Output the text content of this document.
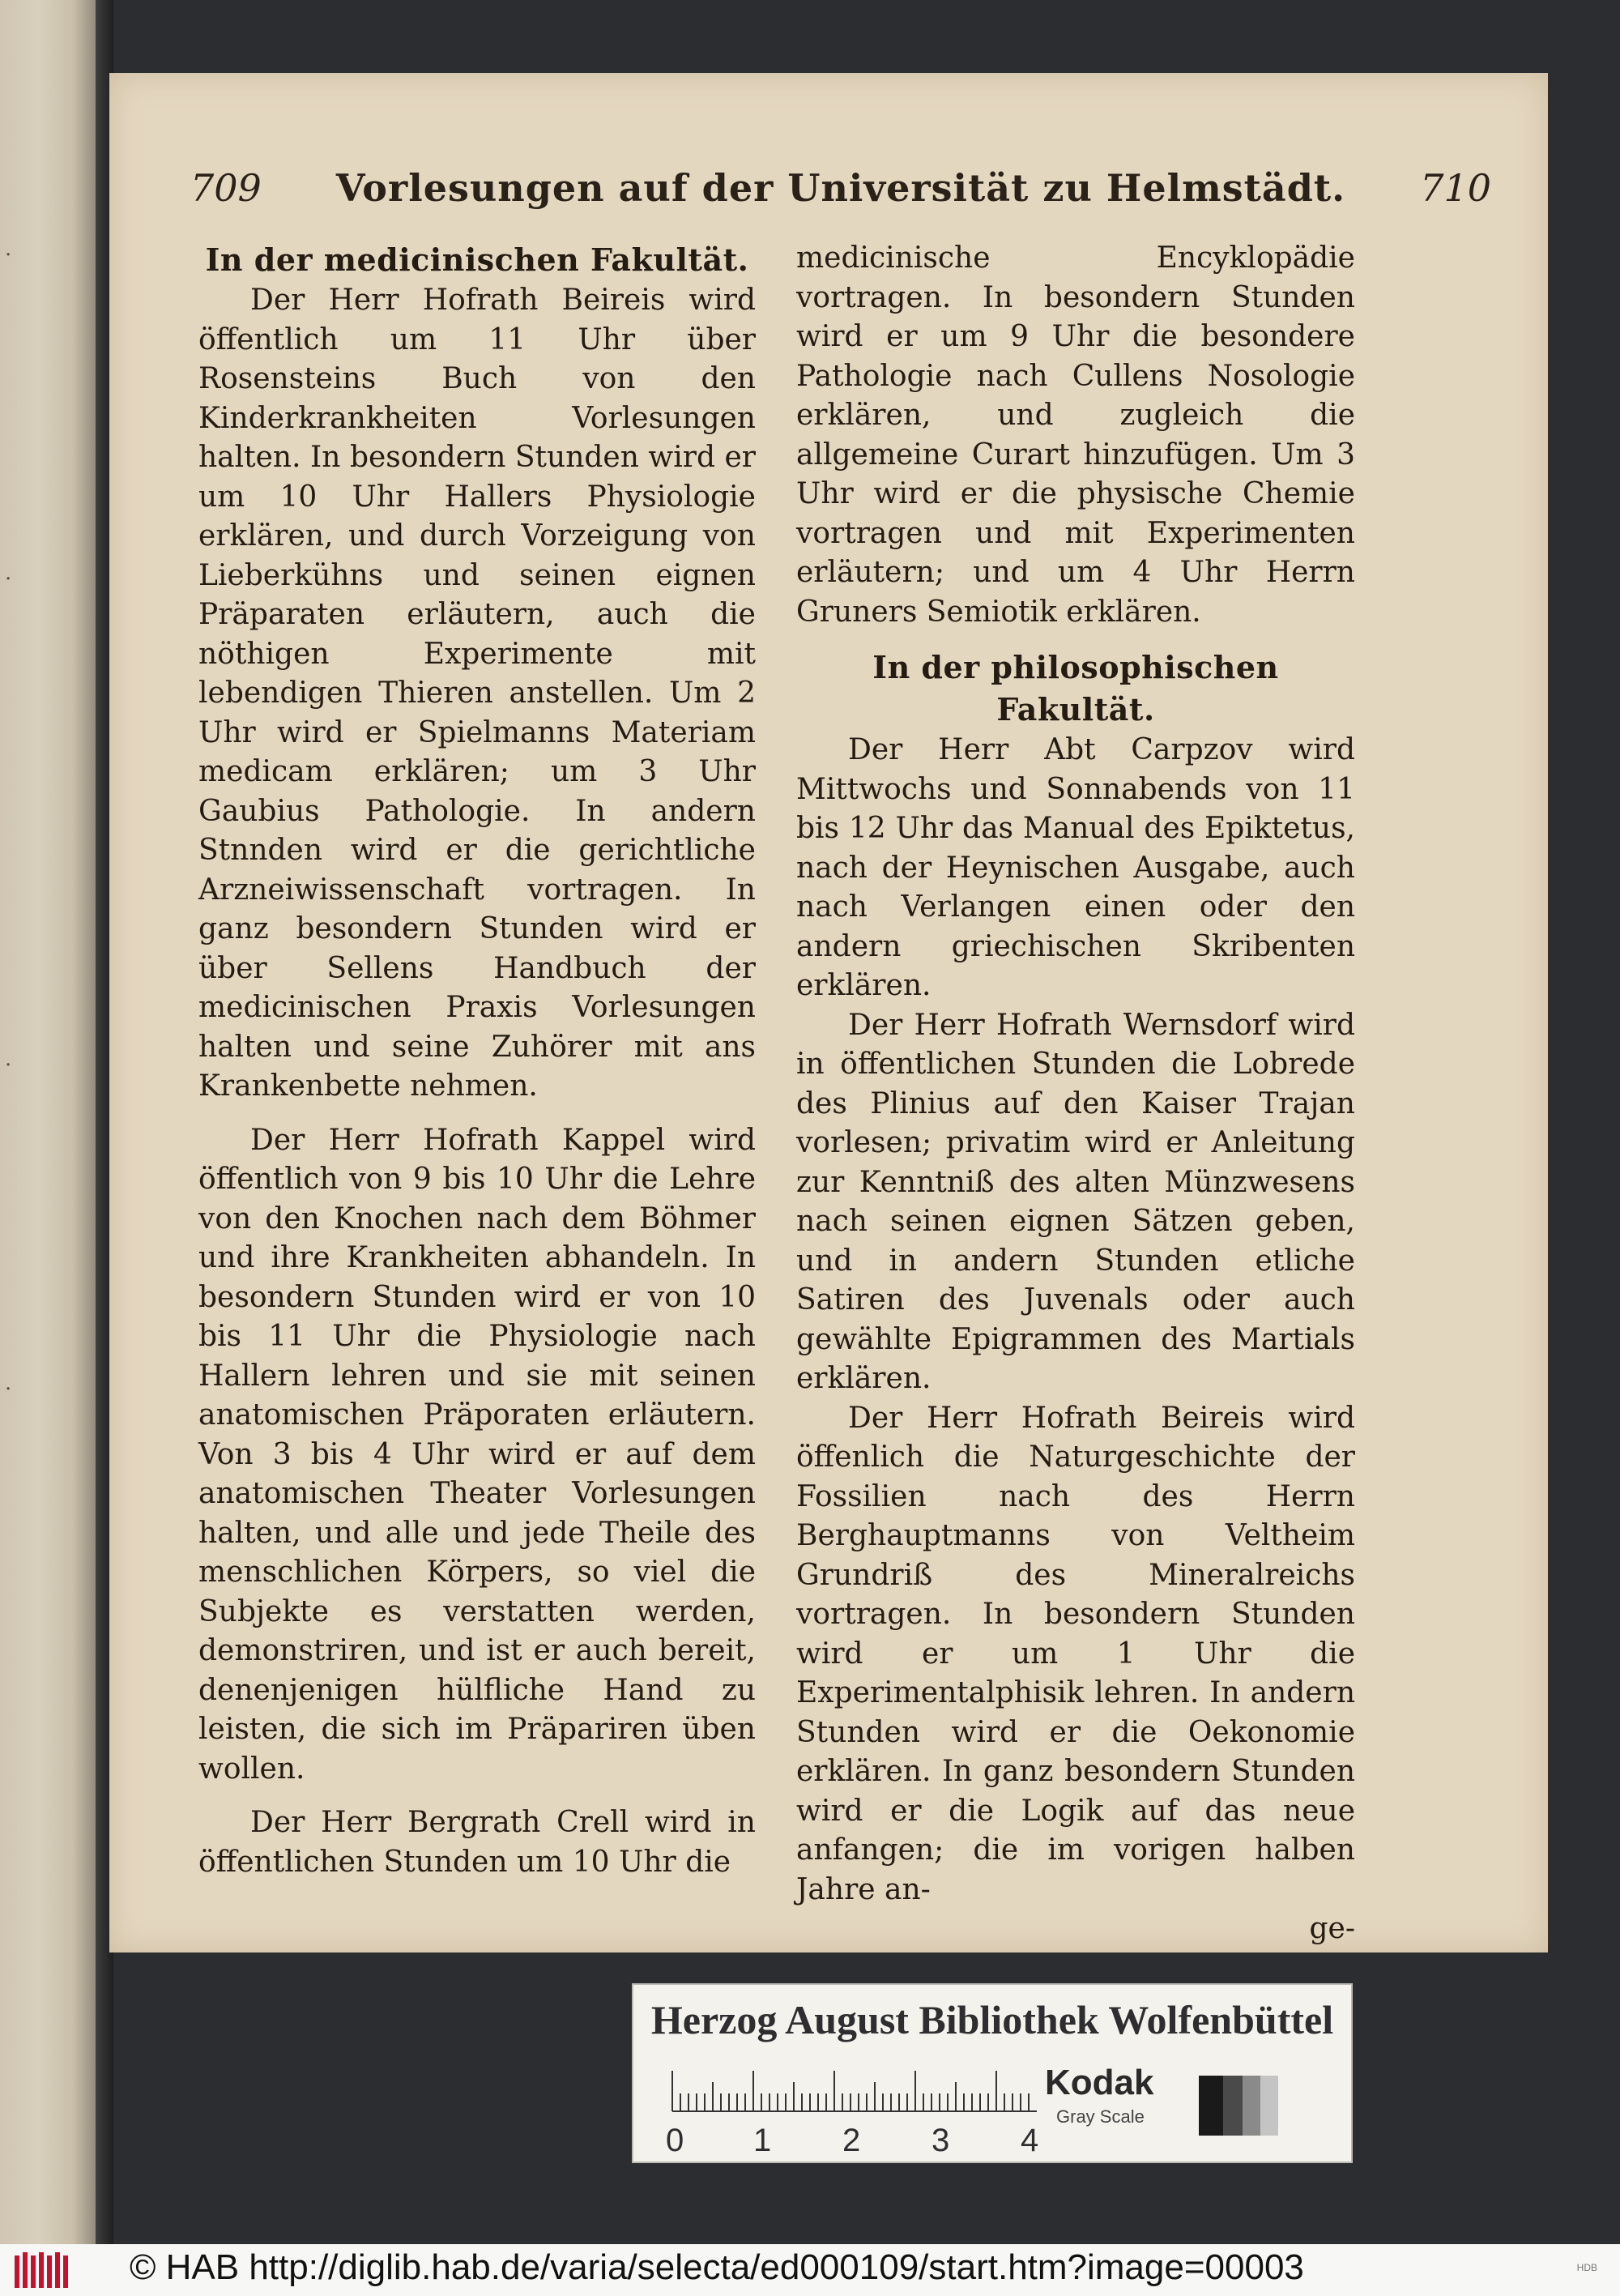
·
·
·
·
709	Vorlesungen auf der Universität zu Helmstädt.	710
In der medicinischen Fakultät.

Der Herr Hofrath Beireis wird öffentlich um 11 Uhr über Rosensteins Buch von den Kinderkrankheiten Vorlesungen halten. In besondern Stunden wird er um 10 Uhr Hallers Physiologie erklären, und durch Vorzeigung von Lieberkühns und seinen eignen Präparaten erläutern, auch die nöthigen Experimente mit lebendigen Thieren anstellen. Um 2 Uhr wird er Spielmanns Materiam medicam erklären; um 3 Uhr Gaubius Pathologie. In andern Stnnden wird er die gerichtliche Arzneiwissenschaft vortragen. In ganz besondern Stunden wird er über Sellens Handbuch der medicinischen Praxis Vorlesungen halten und seine Zuhörer mit ans Krankenbette nehmen.

Der Herr Hofrath Kappel wird öffentlich von 9 bis 10 Uhr die Lehre von den Knochen nach dem Böhmer und ihre Krankheiten abhandeln. In besondern Stunden wird er von 10 bis 11 Uhr die Physiologie nach Hallern lehren und sie mit seinen anatomischen Präporaten erläutern. Von 3 bis 4 Uhr wird er auf dem anatomischen Theater Vorlesungen halten, und alle und jede Theile des menschlichen Körpers, so viel die Subjekte es verstatten werden, demonstriren, und ist er auch bereit, denenjenigen hülfliche Hand zu leisten, die sich im Präpariren üben wollen.

Der Herr Bergrath Crell wird in öffentlichen Stunden um 10 Uhr die

medicinische Encyklopädie vortragen. In besondern Stunden wird er um 9 Uhr die besondere Pathologie nach Cullens Nosologie erklären, und zugleich die allgemeine Curart hinzufügen. Um 3 Uhr wird er die physische Chemie vortragen und mit Experimenten erläutern; und um 4 Uhr Herrn Gruners Semiotik erklären.

In der philosophischen Fakultät.

Der Herr Abt Carpzov wird Mittwochs und Sonnabends von 11 bis 12 Uhr das Manual des Epiktetus, nach der Heynischen Ausgabe, auch nach Verlangen einen oder den andern griechischen Skribenten erklären.

Der Herr Hofrath Wernsdorf wird in öffentlichen Stunden die Lobrede des Plinius auf den Kaiser Trajan vorlesen; privatim wird er Anleitung zur Kenntniß des alten Münzwesens nach seinen eignen Sätzen geben, und in andern Stunden etliche Satiren des Juvenals oder auch gewählte Epigrammen des Martials erklären.

Der Herr Hofrath Beireis wird öffenlich die Naturgeschichte der Fossilien nach des Herrn Berghauptmanns von Veltheim Grundriß des Mineralreichs vortragen. In besondern Stunden wird er um 1 Uhr die Experimentalphisik lehren. In andern Stunden wird er die Oekonomie erklären. In ganz besondern Stunden wird er die Logik auf das neue anfangen; die im vorigen halben Jahre an-

ge-
Herzog August Bibliothek Wolfenbüttel
0 1 2 3 4
Kodak
Gray Scale
© HAB http://diglib.hab.de/varia/selecta/ed000109/start.htm?image=00003	HDB
